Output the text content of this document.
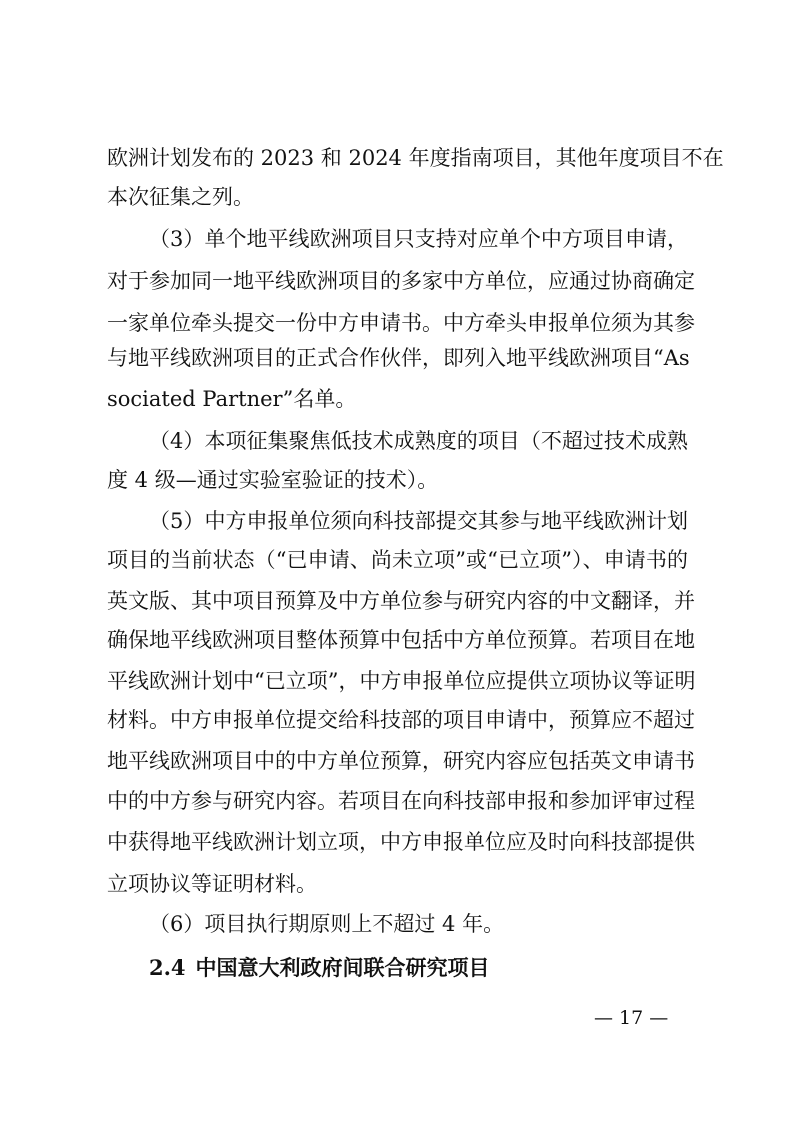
欧洲计划发布的 2023 和 2024 年度指南项目，其他年度项目不在
本次征集之列。
（3）单个地平线欧洲项目只支持对应单个中方项目申请，
对于参加同一地平线欧洲项目的多家中方单位，应通过协商确定
一家单位牵头提交一份中方申请书。中方牵头申报单位须为其参
与地平线欧洲项目的正式合作伙伴，即列入地平线欧洲项目“As
sociated Partner”名单。
（4）本项征集聚焦低技术成熟度的项目（不超过技术成熟
度 4 级—通过实验室验证的技术）。
（5）中方申报单位须向科技部提交其参与地平线欧洲计划
项目的当前状态（“已申请、尚未立项”或“已立项”）、申请书的
英文版、其中项目预算及中方单位参与研究内容的中文翻译，并
确保地平线欧洲项目整体预算中包括中方单位预算。若项目在地
平线欧洲计划中“已立项”，中方申报单位应提供立项协议等证明
材料。中方申报单位提交给科技部的项目申请中，预算应不超过
地平线欧洲项目中的中方单位预算，研究内容应包括英文申请书
中的中方参与研究内容。若项目在向科技部申报和参加评审过程
中获得地平线欧洲计划立项，中方申报单位应及时向科技部提供
立项协议等证明材料。
（6）项目执行期原则上不超过 4 年。
2.4 中国意大利政府间联合研究项目
— 17 —
